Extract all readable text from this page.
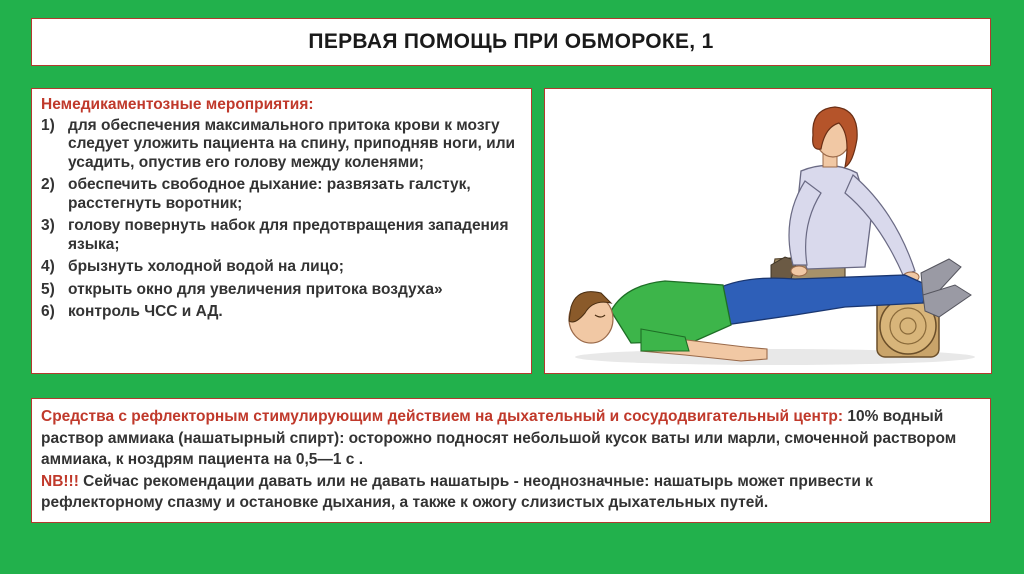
ПЕРВАЯ ПОМОЩЬ ПРИ ОБМОРОКЕ, 1
Немедикаментозные мероприятия:
1) для обеспечения максимального притока крови к мозгу следует уложить пациента на спину, приподняв ноги, или усадить, опустив его голову между коленями;
2) обеспечить свободное дыхание: развязать галстук, расстегнуть воротник;
3) голову повернуть набок для предотвращения западения языка;
4) брызнуть холодной водой на лицо;
5) открыть окно для увеличения притока воздуха»
6) контроль ЧСС и АД.
Средства с рефлекторным стимулирующим действием на дыхательный и сосудодвигательный центр: 10% водный раствор аммиака (нашатырный спирт): осторожно подносят небольшой кусок ваты или марли, смоченной раствором аммиака, к ноздрям пациента на 0,5—1 с .
NB!!! Сейчас рекомендации давать или не давать нашатырь - неоднозначные: нашатырь может привести к рефлекторному спазму и остановке дыхания, а также к ожогу слизистых дыхательных путей.
